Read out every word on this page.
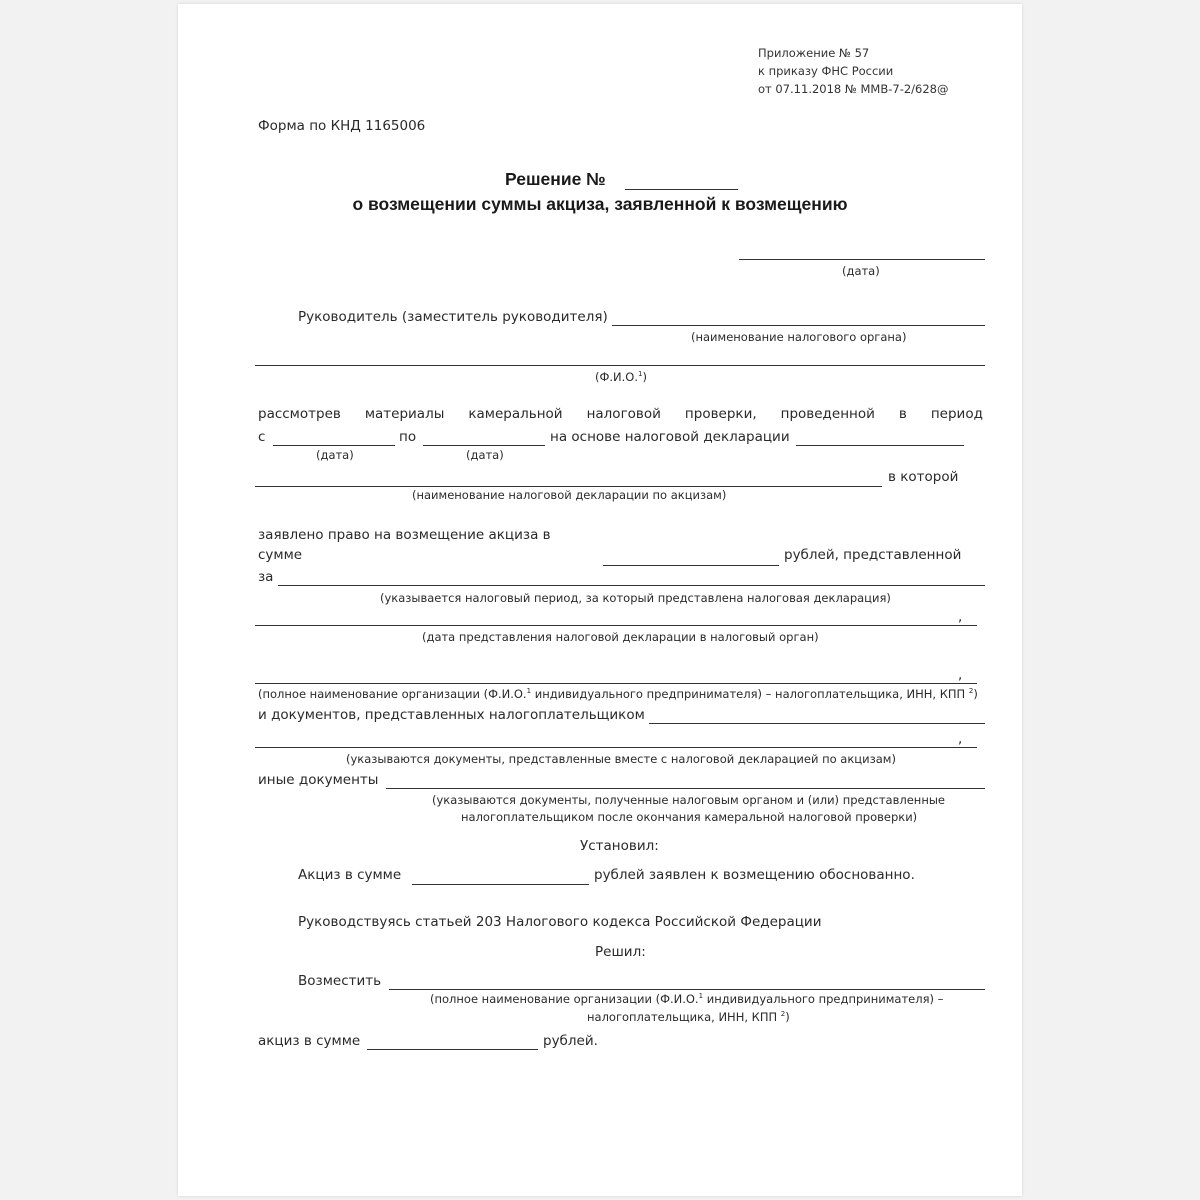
Приложение № 57
к приказу ФНС России
от 07.11.2018 № ММВ-7-2/628@
Форма по КНД 1165006
Решение №
о возмещении суммы акциза, заявленной к возмещению
(дата)
Руководитель (заместитель руководителя)
(наименование налогового органа)
(Ф.И.О.$^1$)
рассмотрев материалы камеральной налоговой проверки, проведенной в период
с	по	на основе налоговой декларации
(дата)	(дата)
в которой
(наименование налоговой декларации по акцизам)
заявлено право на возмещение акциза в
сумме	рублей, представленной
за
(указывается налоговый период, за который представлена налоговая декларация)
,
(дата представления налоговой декларации в налоговый орган)
,
(полное наименование организации (Ф.И.О.$^1$ индивидуального предпринимателя) – налогоплательщика, ИНН, КПП $^2$)
и документов, представленных налогоплательщиком
,
(указываются документы, представленные вместе с налоговой декларацией по акцизам)
иные документы
(указываются документы, полученные налоговым органом и (или) представленные
налогоплательщиком после окончания камеральной налоговой проверки)
Установил:
Акциз в сумме	рублей заявлен к возмещению обоснованно.
Руководствуясь статьей 203 Налогового кодекса Российской Федерации
Решил:
Возместить
(полное наименование организации (Ф.И.О.$^1$ индивидуального предпринимателя) –
налогоплательщика, ИНН, КПП $^2$)
акциз в сумме	рублей.
